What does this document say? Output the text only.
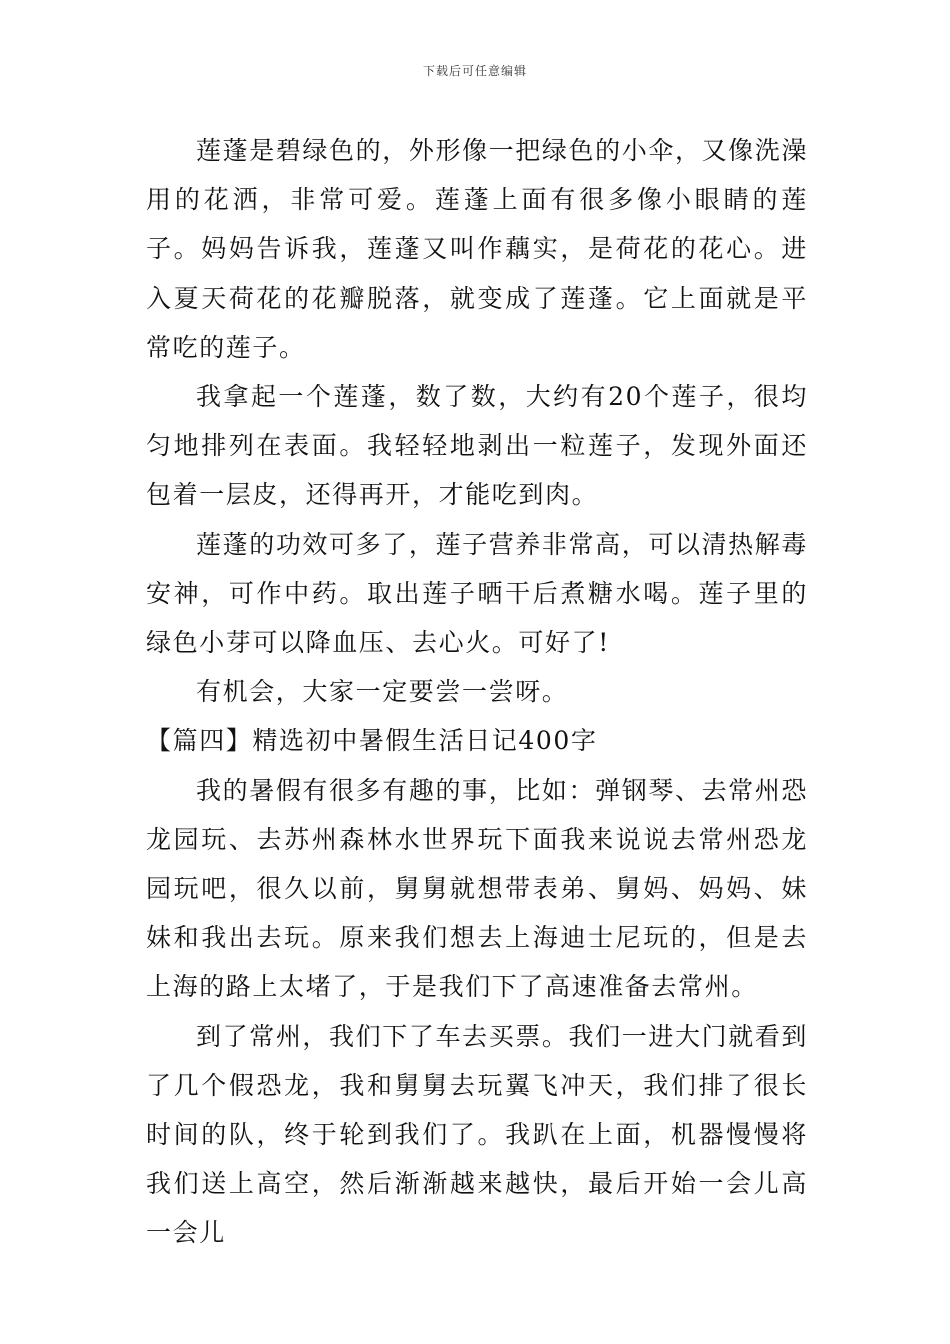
下载后可任意编辑

莲蓬是碧绿色的，外形像一把绿色的小伞，又像洗澡用的花洒，非常可爱。莲蓬上面有很多像小眼睛的莲子。妈妈告诉我，莲蓬又叫作藕实，是荷花的花心。进入夏天荷花的花瓣脱落，就变成了莲蓬。它上面就是平常吃的莲子。

我拿起一个莲蓬，数了数，大约有20个莲子，很均匀地排列在表面。我轻轻地剥出一粒莲子，发现外面还包着一层皮，还得再开，才能吃到肉。

莲蓬的功效可多了，莲子营养非常高，可以清热解毒安神，可作中药。取出莲子晒干后煮糖水喝。莲子里的绿色小芽可以降血压、去心火。可好了!

有机会，大家一定要尝一尝呀。

【篇四】精选初中暑假生活日记400字

我的暑假有很多有趣的事，比如：弹钢琴、去常州恐龙园玩、去苏州森林水世界玩下面我来说说去常州恐龙园玩吧，很久以前，舅舅就想带表弟、舅妈、妈妈、妹妹和我出去玩。原来我们想去上海迪士尼玩的，但是去上海的路上太堵了，于是我们下了高速准备去常州。

到了常州，我们下了车去买票。我们一进大门就看到了几个假恐龙，我和舅舅去玩翼飞冲天，我们排了很长时间的队，终于轮到我们了。我趴在上面，机器慢慢将我们送上高空，然后渐渐越来越快，最后开始一会儿高一会儿
